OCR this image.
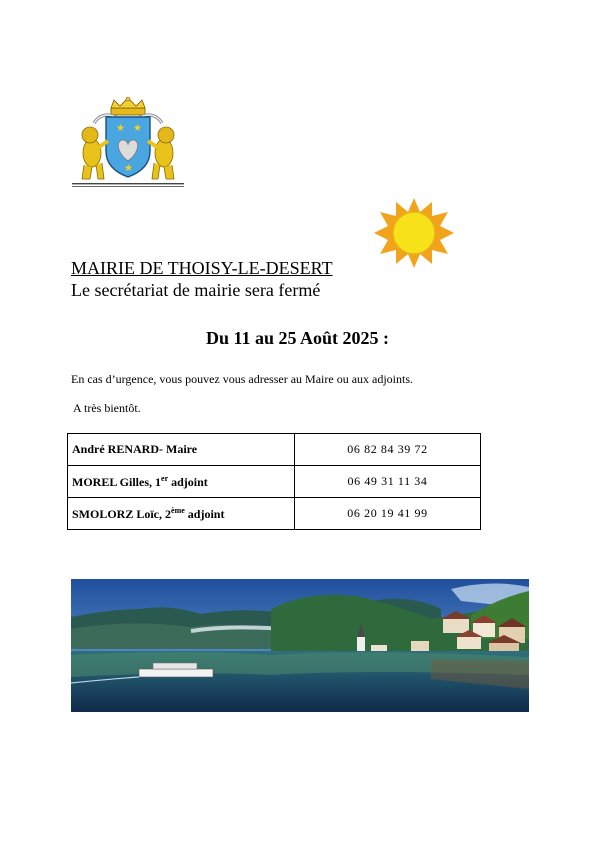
★ ★
★
MAIRIE DE THOISY-LE-DESERT
Le secrétariat de mairie sera fermé
Du 11 au 25 Août 2025 :
En cas d’urgence, vous pouvez vous adresser au Maire ou aux adjoints.
A très bientôt.
André RENARD- Maire	06 82 84 39 72
MOREL Gilles, 1er adjoint	06 49 31 11 34
SMOLORZ Loïc, 2ème adjoint	06 20 19 41 99
